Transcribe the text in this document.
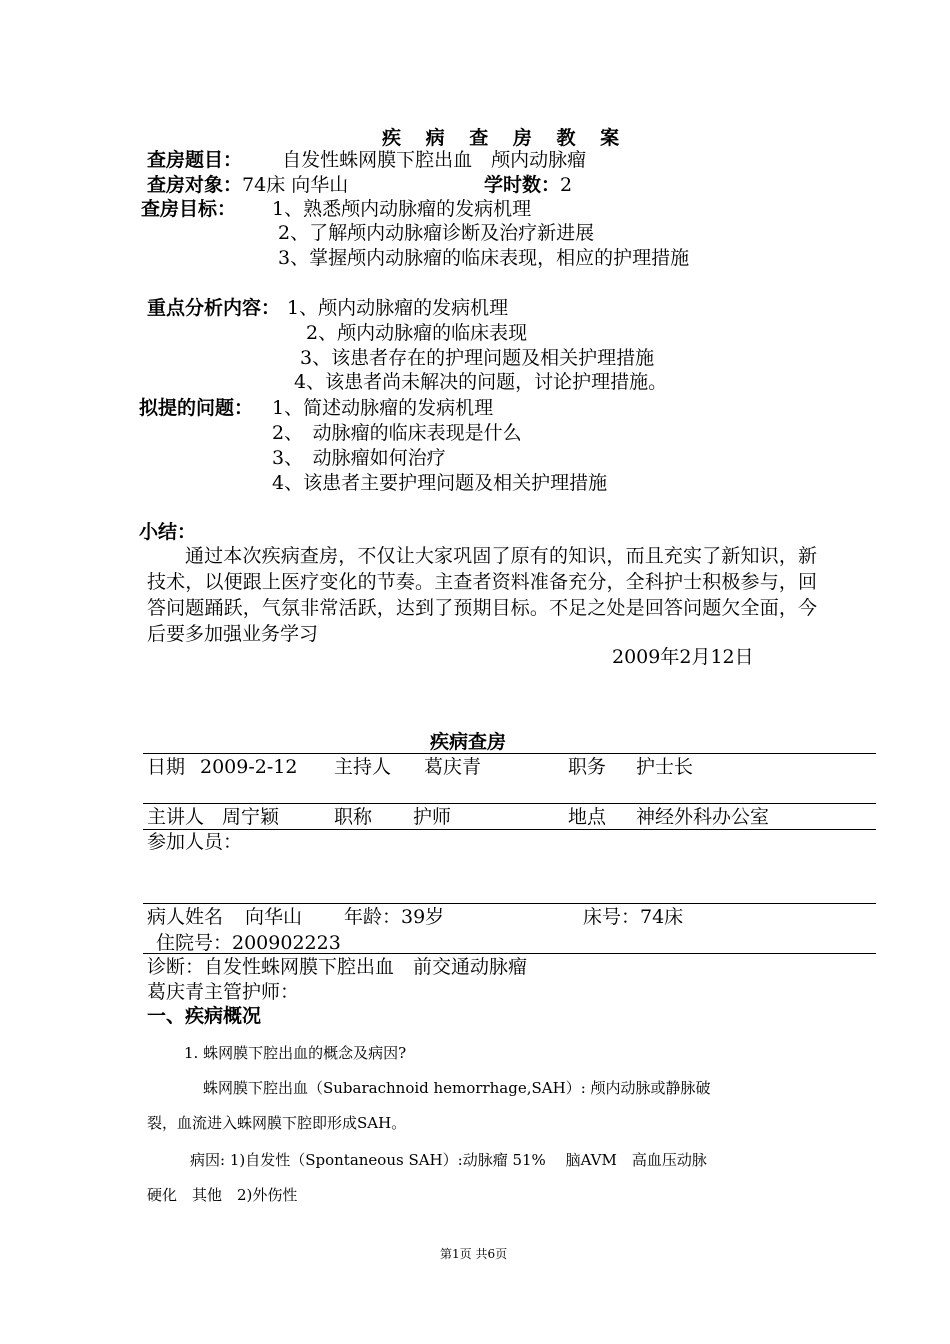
疾 病 查 房 教 案
查房题目： 自发性蛛网膜下腔出血　颅内动脉瘤
查房对象：74床 向华山	学时数：2
查房目标： 1、熟悉颅内动脉瘤的发病机理
2、了解颅内动脉瘤诊断及治疗新进展
3、掌握颅内动脉瘤的临床表现，相应的护理措施
重点分析内容： 1、颅内动脉瘤的发病机理
2、颅内动脉瘤的临床表现
3、该患者存在的护理问题及相关护理措施
4、该患者尚未解决的问题，讨论护理措施。
拟提的问题： 1、简述动脉瘤的发病机理
2、　动脉瘤的临床表现是什么
3、　动脉瘤如何治疗
4、该患者主要护理问题及相关护理措施
小结：
通过本次疾病查房，不仅让大家巩固了原有的知识，而且充实了新知识，新技术，以便跟上医疗变化的节奏。主查者资料准备充分，全科护士积极参与，回答问题踊跃，气氛非常活跃，达到了预期目标。不足之处是回答问题欠全面，今后要多加强业务学习
2009年2月12日
疾病查房
日期 2009-2-12 主持人 葛庆青	职务 护士长
主讲人 周宁颖	职称 护师	地点 神经外科办公室
参加人员：
病人姓名 向华山 年龄：39岁	床号：74床
住院号：200902223
诊断：自发性蛛网膜下腔出血　前交通动脉瘤
葛庆青主管护师：
一、疾病概况
1. 蛛网膜下腔出血的概念及病因?
蛛网膜下腔出血（Subarachnoid hemorrhage,SAH）: 颅内动脉或静脉破
裂，血流进入蛛网膜下腔即形成SAH。
病因: 1)自发性（Spontaneous SAH）:动脉瘤 51%　 脑AVM　高血压动脉
硬化　其他　2)外伤性
第1页 共6页
